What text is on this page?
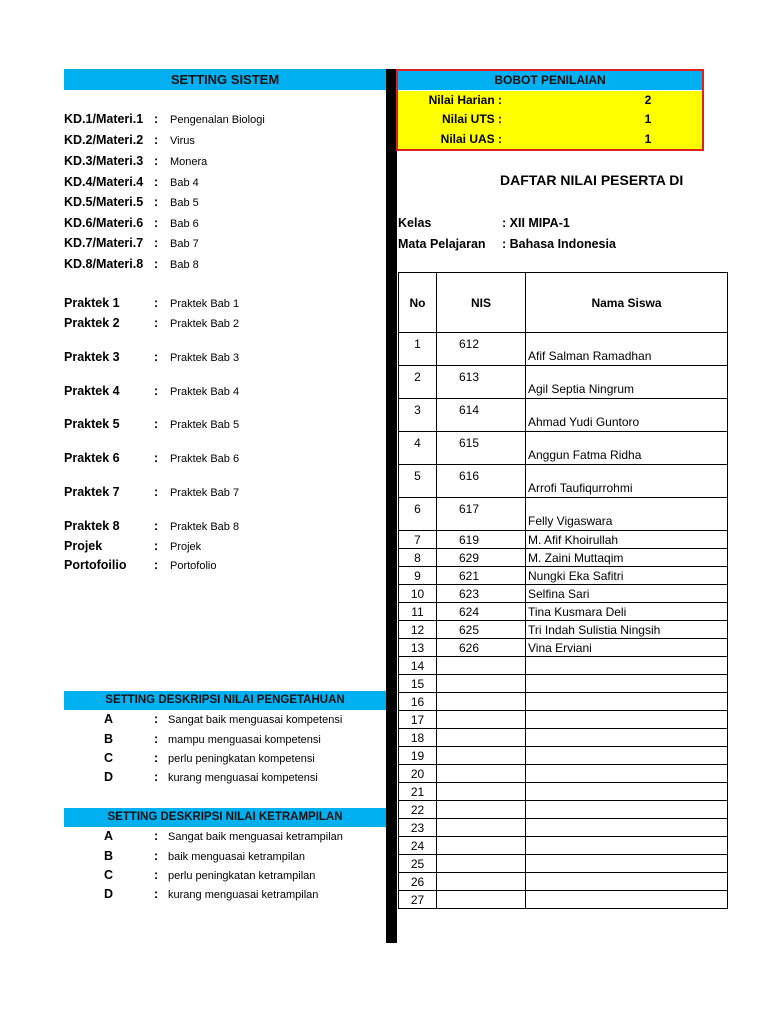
SETTING SISTEM
SETTING DESKRIPSI NILAI PENGETAHUAN
SETTING DESKRIPSI NILAI KETRAMPILAN
BOBOT PENILAIAN
Nilai Harian :	2
Nilai UTS :	1
Nilai UAS :	1
DAFTAR NILAI PESERTA DI
Kelas	: XII MIPA-1
Mata Pelajaran : Bahasa Indonesia
No	NIS	Nama Siswa
1	612	Afif Salman Ramadhan
2	613	Agil Septia Ningrum
3	614	Ahmad Yudi Guntoro
4	615	Anggun Fatma Ridha
5	616	Arrofi Taufiqurrohmi
6	617	Felly Vigaswara
7	619	M. Afif Khoirullah
8	629	M. Zaini Muttaqim
9	621	Nungki Eka Safitri
10	623	Selfina Sari
11	624	Tina Kusmara Deli
12	625	Tri Indah Sulistia Ningsih
13	626	Vina Erviani
14		
15		
16		
17		
18		
19		
20		
21		
22		
23		
24		
25		
26		
27		
KD.1/Materi.1 : Pengenalan Biologi
KD.2/Materi.2 : Virus
KD.3/Materi.3 : Monera
KD.4/Materi.4 : Bab 4
KD.5/Materi.5 : Bab 5
KD.6/Materi.6 : Bab 6
KD.7/Materi.7 : Bab 7
KD.8/Materi.8 : Bab 8
Praktek 1	: Praktek Bab 1
Praktek 2	: Praktek Bab 2
Praktek 3	: Praktek Bab 3
Praktek 4	: Praktek Bab 4
Praktek 5	: Praktek Bab 5
Praktek 6	: Praktek Bab 6
Praktek 7	: Praktek Bab 7
Praktek 8	: Praktek Bab 8
Projek	: Projek
Portofoilio : Portofolio
A	: Sangat baik menguasai kompetensi
B	: mampu menguasai kompetensi
C	: perlu peningkatan kompetensi
D	: kurang menguasai kompetensi
A	: Sangat baik menguasai ketrampilan
B	: baik menguasai ketrampilan
C	: perlu peningkatan ketrampilan
D	: kurang menguasai ketrampilan
